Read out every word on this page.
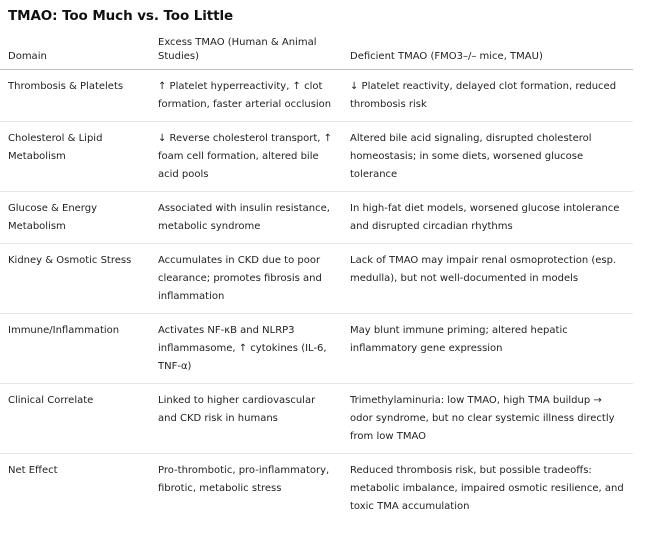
TMAO: Too Much vs. Too Little
Domain	Excess TMAO (Human & Animal Studies)	Deficient TMAO (FMO3–/– mice, TMAU)
Thrombosis & Platelets	↑ Platelet hyperreactivity, ↑ clot formation, faster arterial occlusion	↓ Platelet reactivity, delayed clot formation, reduced thrombosis risk
Cholesterol & Lipid Metabolism	↓ Reverse cholesterol transport, ↑ foam cell formation, altered bile acid pools	Altered bile acid signaling, disrupted cholesterol homeostasis; in some diets, worsened glucose tolerance
Glucose & Energy Metabolism	Associated with insulin resistance, metabolic syndrome	In high-fat diet models, worsened glucose intolerance and disrupted circadian rhythms
Kidney & Osmotic Stress	Accumulates in CKD due to poor clearance; promotes fibrosis and inflammation	Lack of TMAO may impair renal osmoprotection (esp. medulla), but not well-documented in models
Immune/Inflammation	Activates NF-κB and NLRP3 inflammasome, ↑ cytokines (IL-6, TNF-α)	May blunt immune priming; altered hepatic inflammatory gene expression
Clinical Correlate	Linked to higher cardiovascular and CKD risk in humans	Trimethylaminuria: low TMAO, high TMA buildup → odor syndrome, but no clear systemic illness directly from low TMAO
Net Effect	Pro-thrombotic, pro-inflammatory, fibrotic, metabolic stress	Reduced thrombosis risk, but possible tradeoffs: metabolic imbalance, impaired osmotic resilience, and toxic TMA accumulation
